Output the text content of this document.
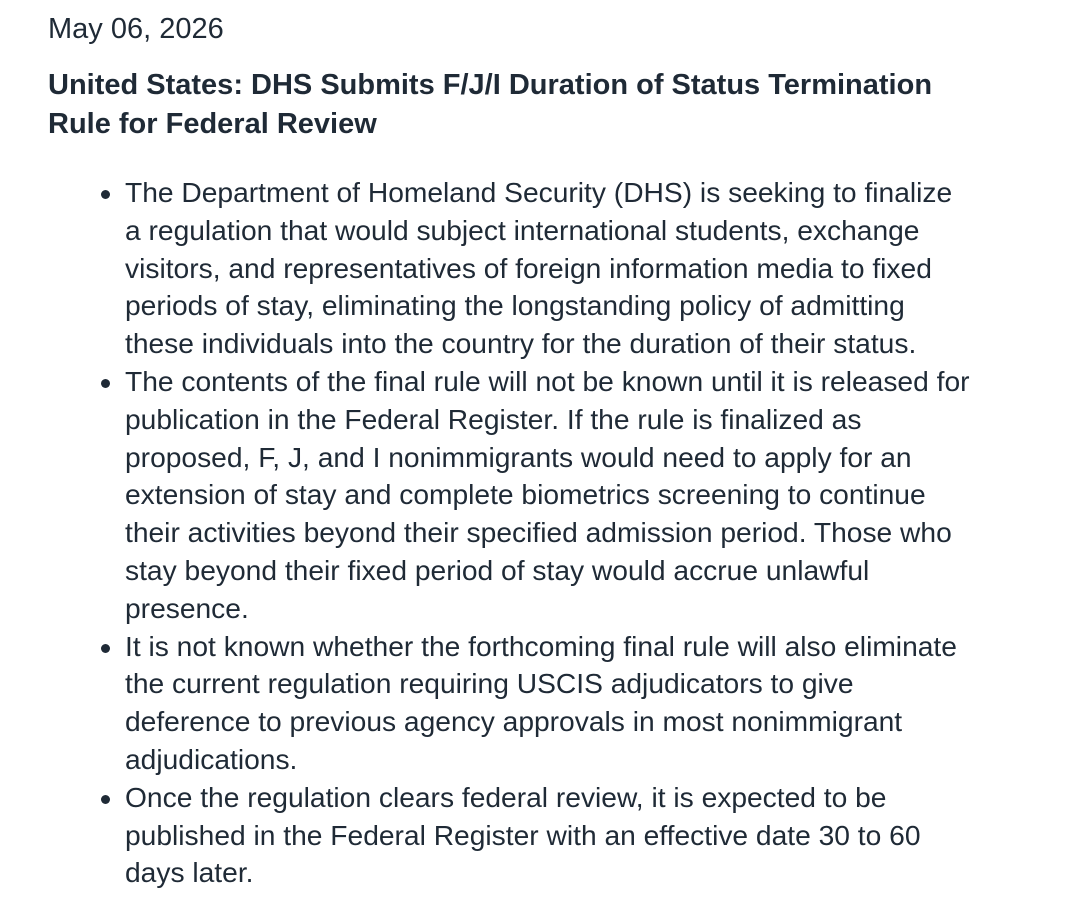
May 06, 2026

United States: DHS Submits F/J/I Duration of Status Termination
Rule for Federal Review
The Department of Homeland Security (DHS) is seeking to finalize
a regulation that would subject international students, exchange
visitors, and representatives of foreign information media to fixed
periods of stay, eliminating the longstanding policy of admitting
these individuals into the country for the duration of their status.
The contents of the final rule will not be known until it is released for
publication in the Federal Register. If the rule is finalized as
proposed, F, J, and I nonimmigrants would need to apply for an
extension of stay and complete biometrics screening to continue
their activities beyond their specified admission period. Those who
stay beyond their fixed period of stay would accrue unlawful
presence.
It is not known whether the forthcoming final rule will also eliminate
the current regulation requiring USCIS adjudicators to give
deference to previous agency approvals in most nonimmigrant
adjudications.
Once the regulation clears federal review, it is expected to be
published in the Federal Register with an effective date 30 to 60
days later.
